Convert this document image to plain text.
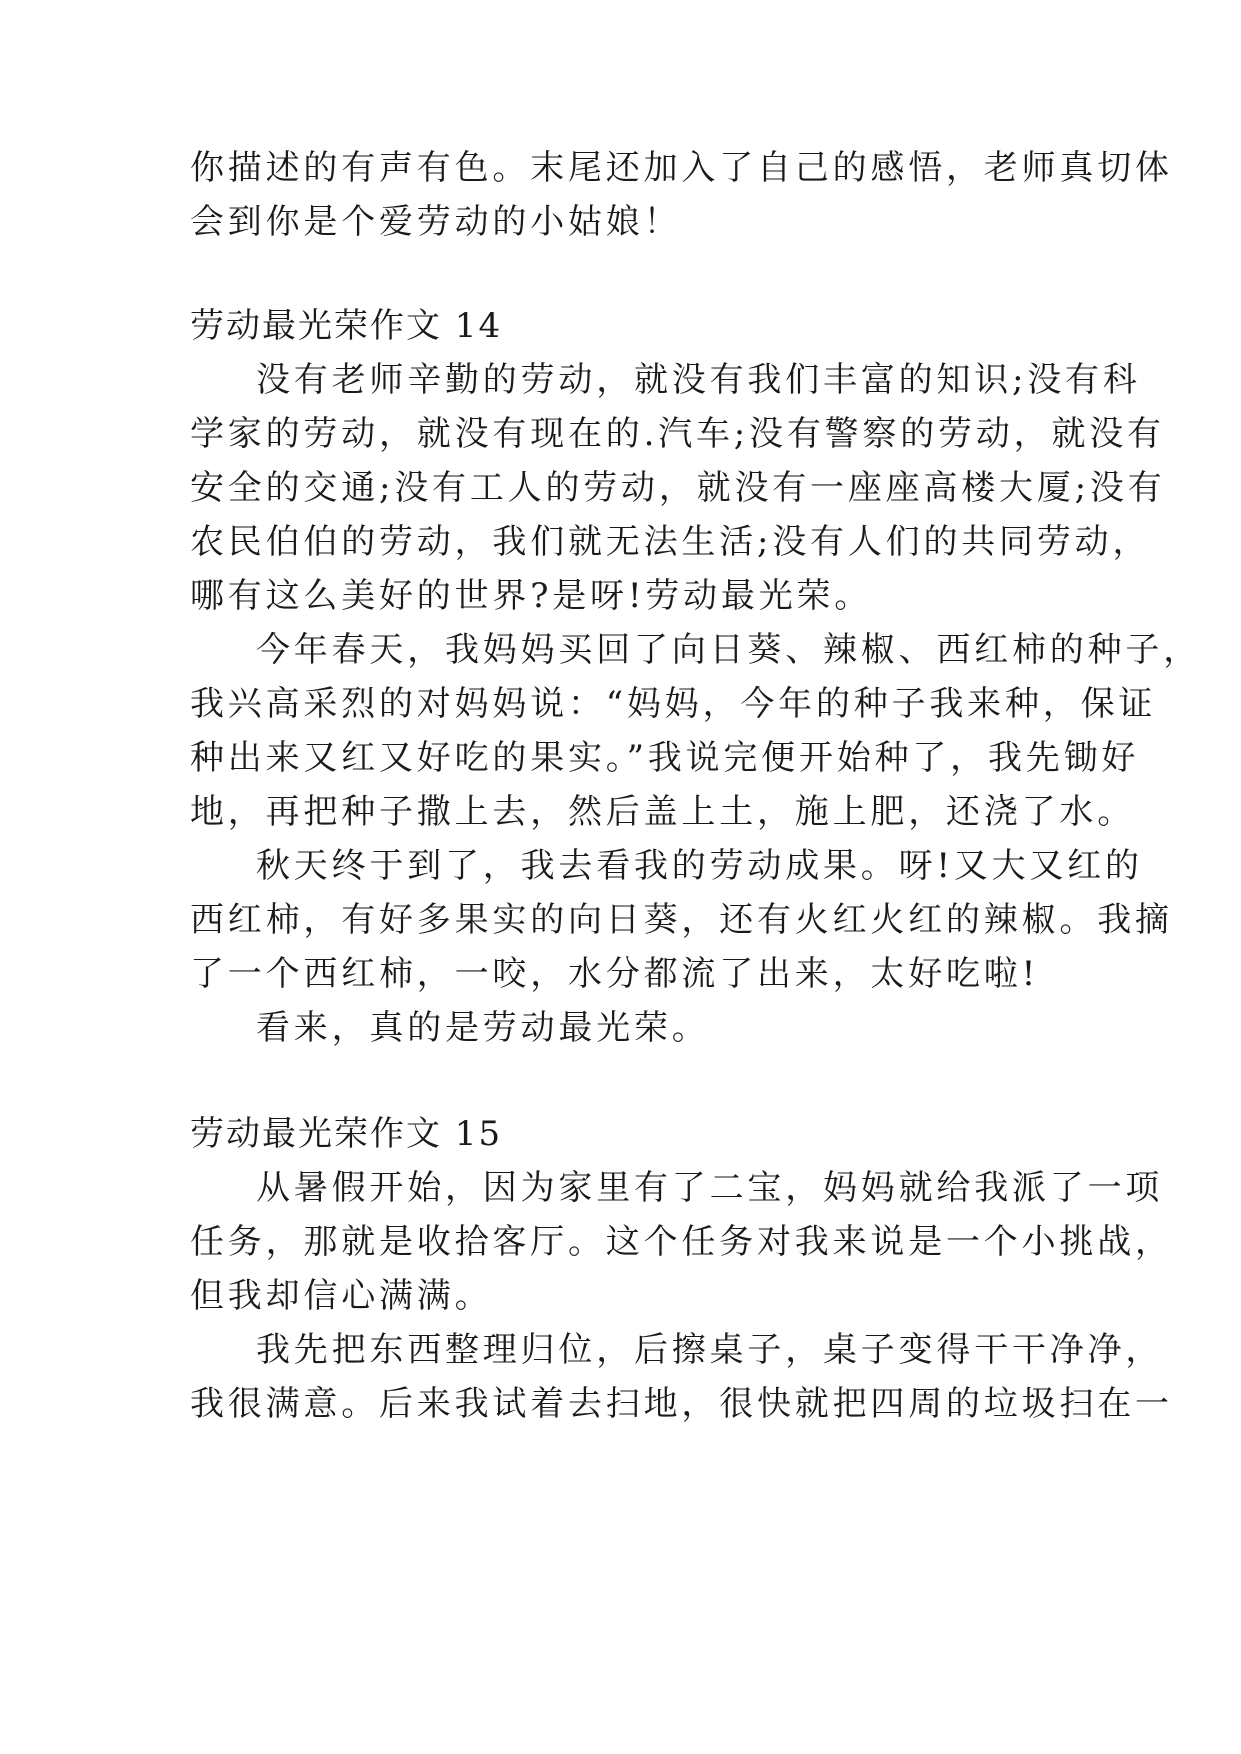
你描述的有声有色。末尾还加入了自己的感悟，老师真切体
会到你是个爱劳动的小姑娘！
劳动最光荣作文 14
没有老师辛勤的劳动，就没有我们丰富的知识;没有科
学家的劳动，就没有现在的.汽车;没有警察的劳动，就没有
安全的交通;没有工人的劳动，就没有一座座高楼大厦;没有
农民伯伯的劳动，我们就无法生活;没有人们的共同劳动，
哪有这么美好的世界?是呀!劳动最光荣。
今年春天，我妈妈买回了向日葵、辣椒、西红柿的种子，
我兴高采烈的对妈妈说：“妈妈，今年的种子我来种，保证
种出来又红又好吃的果实。”我说完便开始种了，我先锄好
地，再把种子撒上去，然后盖上土，施上肥，还浇了水。
秋天终于到了，我去看我的劳动成果。呀!又大又红的
西红柿，有好多果实的向日葵，还有火红火红的辣椒。我摘
了一个西红柿，一咬，水分都流了出来，太好吃啦!
看来，真的是劳动最光荣。
劳动最光荣作文 15
从暑假开始，因为家里有了二宝，妈妈就给我派了一项
任务，那就是收拾客厅。这个任务对我来说是一个小挑战，
但我却信心满满。
我先把东西整理归位，后擦桌子，桌子变得干干净净，
我很满意。后来我试着去扫地，很快就把四周的垃圾扫在一
